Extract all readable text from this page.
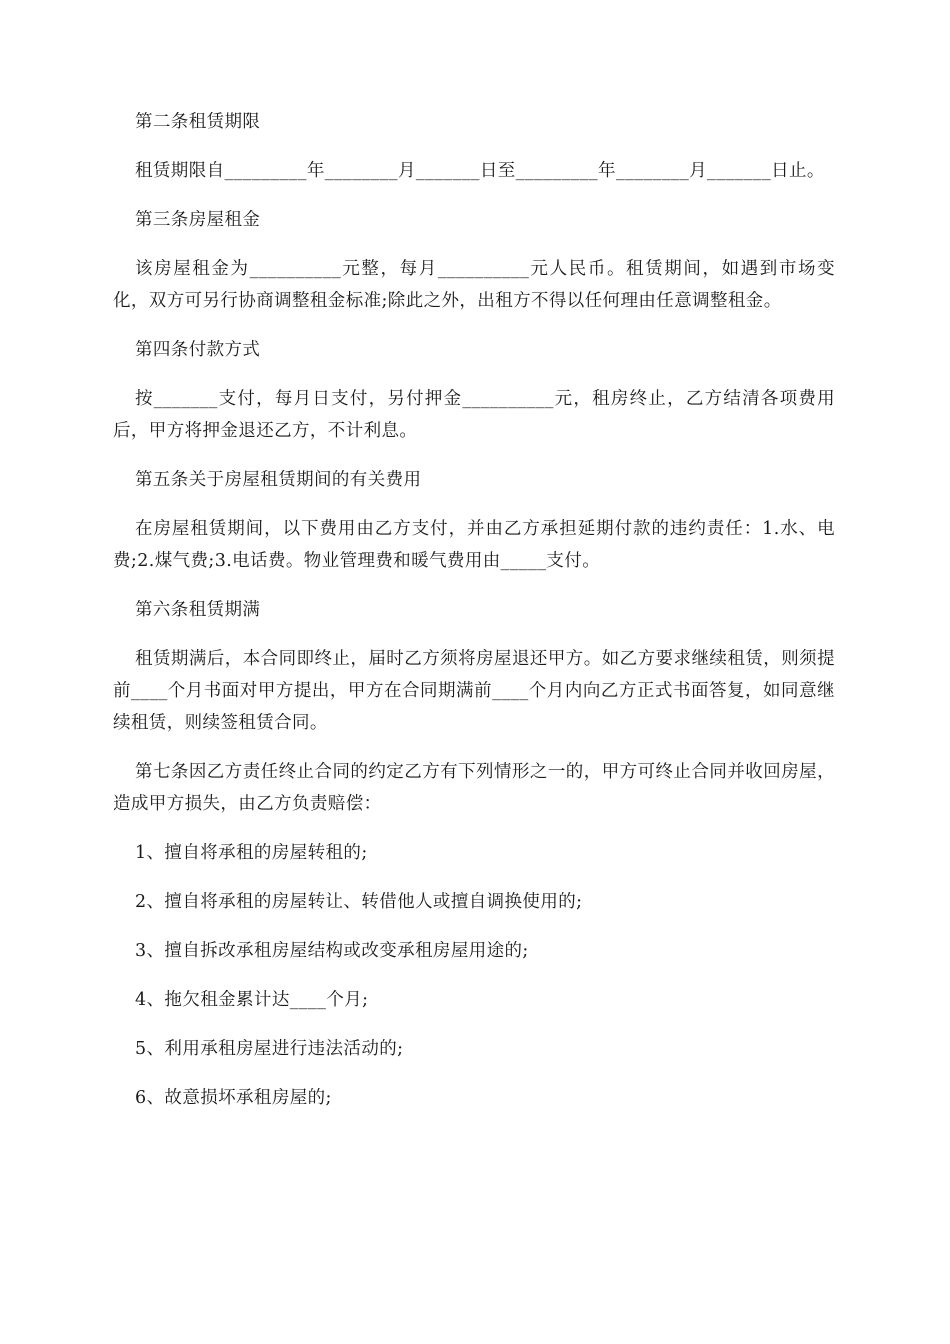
第二条租赁期限

租赁期限自_________年________月_______日至_________年________月_______日止。

第三条房屋租金

该房屋租金为__________元整，每月__________元人民币。租赁期间，如遇到市场变化，双方可另行协商调整租金标准;除此之外，出租方不得以任何理由任意调整租金。

第四条付款方式

按_______支付，每月日支付，另付押金__________元，租房终止，乙方结清各项费用后，甲方将押金退还乙方，不计利息。

第五条关于房屋租赁期间的有关费用

在房屋租赁期间，以下费用由乙方支付，并由乙方承担延期付款的违约责任：1.水、电费;2.煤气费;3.电话费。物业管理费和暖气费用由_____支付。

第六条租赁期满

租赁期满后，本合同即终止，届时乙方须将房屋退还甲方。如乙方要求继续租赁，则须提前____个月书面对甲方提出，甲方在合同期满前____个月内向乙方正式书面答复，如同意继续租赁，则续签租赁合同。

第七条因乙方责任终止合同的约定乙方有下列情形之一的，甲方可终止合同并收回房屋，造成甲方损失，由乙方负责赔偿：

1、擅自将承租的房屋转租的;

2、擅自将承租的房屋转让、转借他人或擅自调换使用的;

3、擅自拆改承租房屋结构或改变承租房屋用途的;

4、拖欠租金累计达____个月;

5、利用承租房屋进行违法活动的;

6、故意损坏承租房屋的;
